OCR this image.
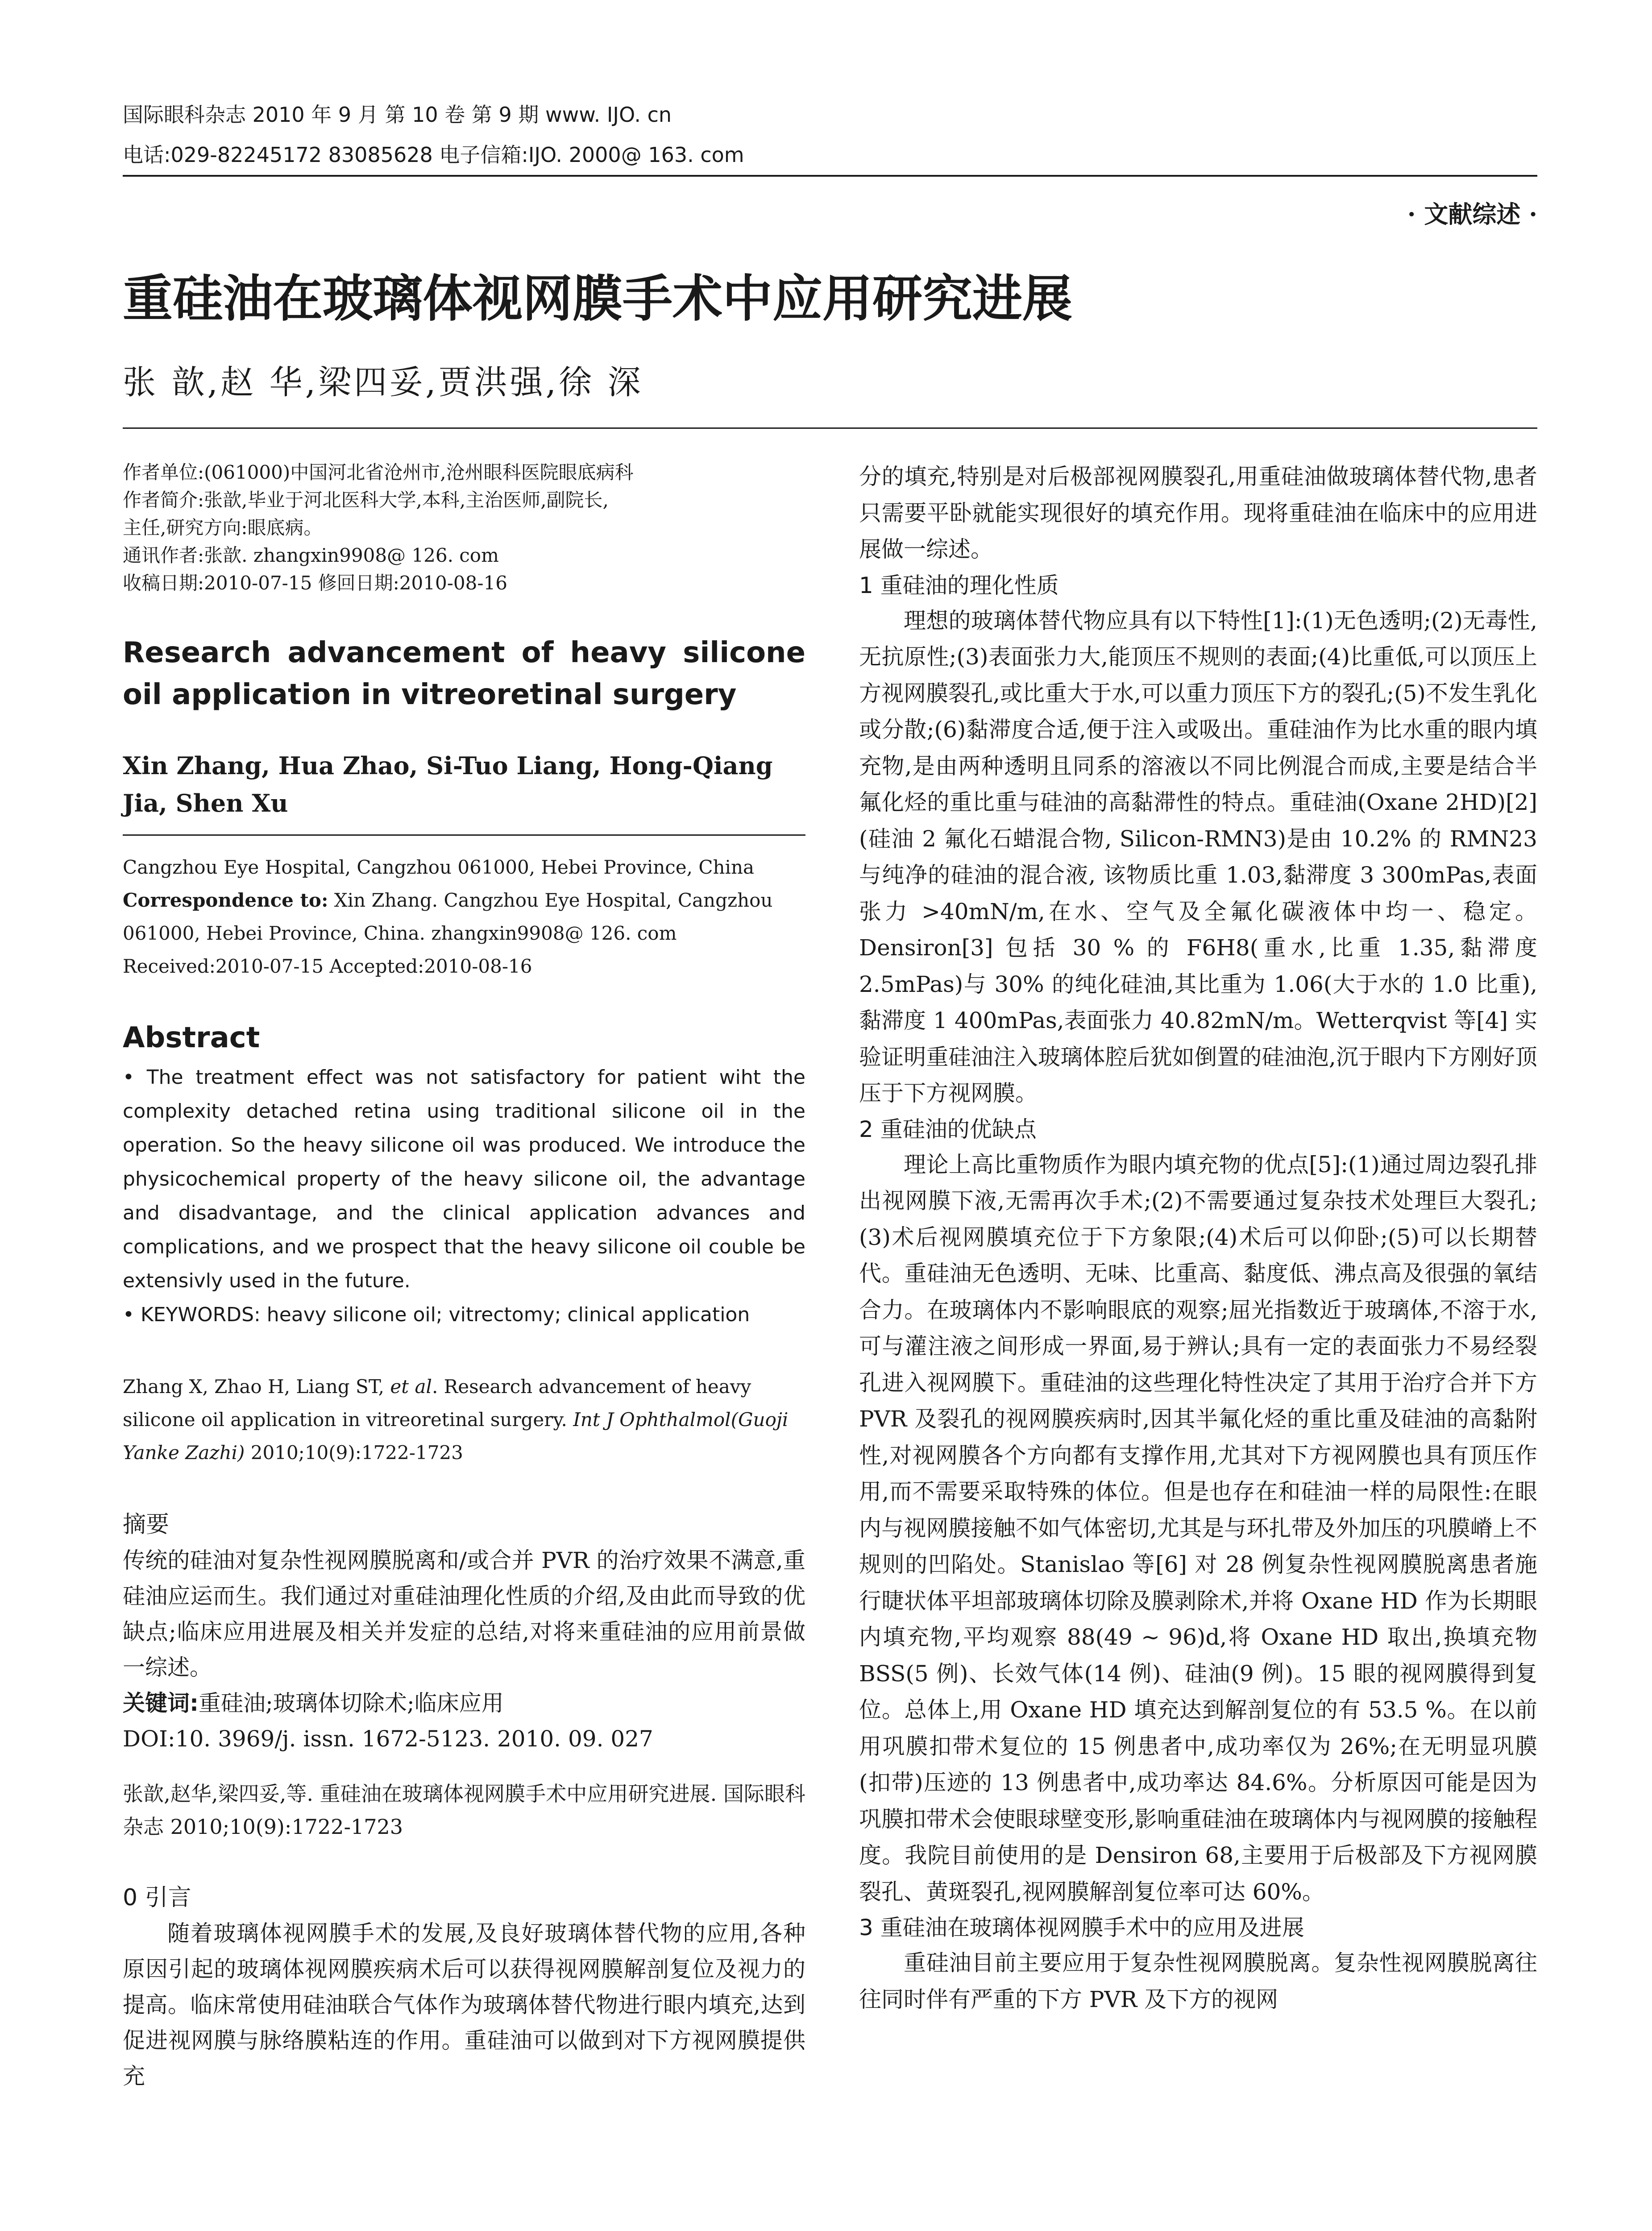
国际眼科杂志 2010 年 9 月 第 10 卷 第 9 期 www. IJO. cn
电话:029-82245172 83085628 电子信箱:IJO. 2000@ 163. com
· 文献综述 ·
重硅油在玻璃体视网膜手术中应用研究进展
张 歆,赵 华,梁四妥,贾洪强,徐 深

作者单位:(061000)中国河北省沧州市,沧州眼科医院眼底病科

作者简介:张歆,毕业于河北医科大学,本科,主治医师,副院长,

主任,研究方向:眼底病。

通讯作者:张歆. zhangxin9908@ 126. com

收稿日期:2010-07-15 修回日期:2010-08-16

Research advancement of heavy silicone oil application in vitreoretinal surgery
Xin Zhang, Hua Zhao, Si-Tuo Liang, Hong-Qiang Jia, Shen Xu

Cangzhou Eye Hospital, Cangzhou 061000, Hebei Province, China

Correspondence to: Xin Zhang. Cangzhou Eye Hospital, Cangzhou 061000, Hebei Province, China. zhangxin9908@ 126. com

Received:2010-07-15 Accepted:2010-08-16

Abstract

• The treatment effect was not satisfactory for patient wiht the complexity detached retina using traditional silicone oil in the operation. So the heavy silicone oil was produced. We introduce the physicochemical property of the heavy silicone oil, the advantage and disadvantage, and the clinical application advances and complications, and we prospect that the heavy silicone oil couble be extensivly used in the future.

• KEYWORDS: heavy silicone oil; vitrectomy; clinical application

Zhang X, Zhao H, Liang ST, et al. Research advancement of heavy silicone oil application in vitreoretinal surgery. Int J Ophthalmol(Guoji Yanke Zazhi) 2010;10(9):1722-1723

摘要

传统的硅油对复杂性视网膜脱离和/或合并 PVR 的治疗效果不满意,重硅油应运而生。我们通过对重硅油理化性质的介绍,及由此而导致的优缺点;临床应用进展及相关并发症的总结,对将来重硅油的应用前景做一综述。

关键词:重硅油;玻璃体切除术;临床应用

DOI:10. 3969/j. issn. 1672-5123. 2010. 09. 027

张歆,赵华,梁四妥,等. 重硅油在玻璃体视网膜手术中应用研究进展. 国际眼科杂志 2010;10(9):1722-1723

0 引言

随着玻璃体视网膜手术的发展,及良好玻璃体替代物的应用,各种原因引起的玻璃体视网膜疾病术后可以获得视网膜解剖复位及视力的提高。临床常使用硅油联合气体作为玻璃体替代物进行眼内填充,达到促进视网膜与脉络膜粘连的作用。重硅油可以做到对下方视网膜提供充

分的填充,特别是对后极部视网膜裂孔,用重硅油做玻璃体替代物,患者只需要平卧就能实现很好的填充作用。现将重硅油在临床中的应用进展做一综述。

1 重硅油的理化性质

理想的玻璃体替代物应具有以下特性[1]:(1)无色透明;(2)无毒性,无抗原性;(3)表面张力大,能顶压不规则的表面;(4)比重低,可以顶压上方视网膜裂孔,或比重大于水,可以重力顶压下方的裂孔;(5)不发生乳化或分散;(6)黏滞度合适,便于注入或吸出。重硅油作为比水重的眼内填充物,是由两种透明且同系的溶液以不同比例混合而成,主要是结合半氟化烃的重比重与硅油的高黏滞性的特点。重硅油(Oxane 2HD)[2](硅油 2 氟化石蜡混合物, Silicon-RMN3)是由 10.2% 的 RMN23 与纯净的硅油的混合液, 该物质比重 1.03,黏滞度 3 300mPas,表面张力 >40mN/m,在水、空气及全氟化碳液体中均一、稳定。Densiron[3] 包括 30 % 的 F6H8(重水,比重 1.35,黏滞度 2.5mPas)与 30% 的纯化硅油,其比重为 1.06(大于水的 1.0 比重),黏滞度 1 400mPas,表面张力 40.82mN/m。Wetterqvist 等[4] 实验证明重硅油注入玻璃体腔后犹如倒置的硅油泡,沉于眼内下方刚好顶压于下方视网膜。

2 重硅油的优缺点

理论上高比重物质作为眼内填充物的优点[5]:(1)通过周边裂孔排出视网膜下液,无需再次手术;(2)不需要通过复杂技术处理巨大裂孔;(3)术后视网膜填充位于下方象限;(4)术后可以仰卧;(5)可以长期替代。重硅油无色透明、无味、比重高、黏度低、沸点高及很强的氧结合力。在玻璃体内不影响眼底的观察;屈光指数近于玻璃体,不溶于水,可与灌注液之间形成一界面,易于辨认;具有一定的表面张力不易经裂孔进入视网膜下。重硅油的这些理化特性决定了其用于治疗合并下方 PVR 及裂孔的视网膜疾病时,因其半氟化烃的重比重及硅油的高黏附性,对视网膜各个方向都有支撑作用,尤其对下方视网膜也具有顶压作用,而不需要采取特殊的体位。但是也存在和硅油一样的局限性:在眼内与视网膜接触不如气体密切,尤其是与环扎带及外加压的巩膜嵴上不规则的凹陷处。Stanislao 等[6] 对 28 例复杂性视网膜脱离患者施行睫状体平坦部玻璃体切除及膜剥除术,并将 Oxane HD 作为长期眼内填充物,平均观察 88(49 ~ 96)d,将 Oxane HD 取出,换填充物 BSS(5 例)、长效气体(14 例)、硅油(9 例)。15 眼的视网膜得到复位。总体上,用 Oxane HD 填充达到解剖复位的有 53.5 %。在以前用巩膜扣带术复位的 15 例患者中,成功率仅为 26%;在无明显巩膜(扣带)压迹的 13 例患者中,成功率达 84.6%。分析原因可能是因为巩膜扣带术会使眼球壁变形,影响重硅油在玻璃体内与视网膜的接触程度。我院目前使用的是 Densiron 68,主要用于后极部及下方视网膜裂孔、黄斑裂孔,视网膜解剖复位率可达 60%。

3 重硅油在玻璃体视网膜手术中的应用及进展

重硅油目前主要应用于复杂性视网膜脱离。复杂性视网膜脱离往往同时伴有严重的下方 PVR 及下方的视网
